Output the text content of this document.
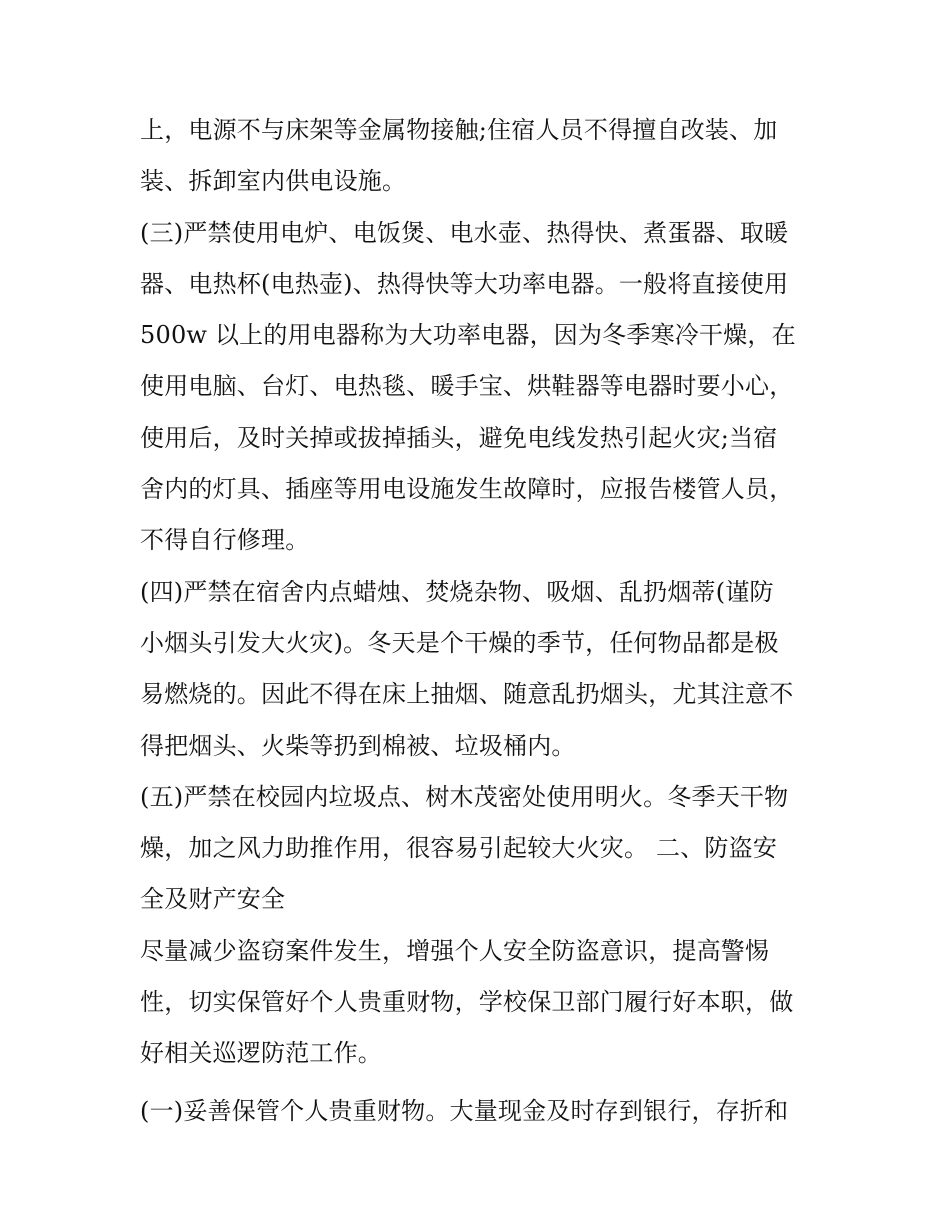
上，电源不与床架等金属物接触;住宿人员不得擅自改装、加
装、拆卸室内供电设施。
(三)严禁使用电炉、电饭煲、电水壶、热得快、煮蛋器、取暖
器、电热杯(电热壶)、热得快等大功率电器。一般将直接使用
500w 以上的用电器称为大功率电器，因为冬季寒冷干燥，在
使用电脑、台灯、电热毯、暖手宝、烘鞋器等电器时要小心，
使用后，及时关掉或拔掉插头，避免电线发热引起火灾;当宿
舍内的灯具、插座等用电设施发生故障时，应报告楼管人员，
不得自行修理。
(四)严禁在宿舍内点蜡烛、焚烧杂物、吸烟、乱扔烟蒂(谨防
小烟头引发大火灾)。冬天是个干燥的季节，任何物品都是极
易燃烧的。因此不得在床上抽烟、随意乱扔烟头，尤其注意不
得把烟头、火柴等扔到棉被、垃圾桶内。
(五)严禁在校园内垃圾点、树木茂密处使用明火。冬季天干物
燥，加之风力助推作用，很容易引起较大火灾。 二、防盗安
全及财产安全
尽量减少盗窃案件发生，增强个人安全防盗意识，提高警惕
性，切实保管好个人贵重财物，学校保卫部门履行好本职，做
好相关巡逻防范工作。
(一)妥善保管个人贵重财物。大量现金及时存到银行，存折和
